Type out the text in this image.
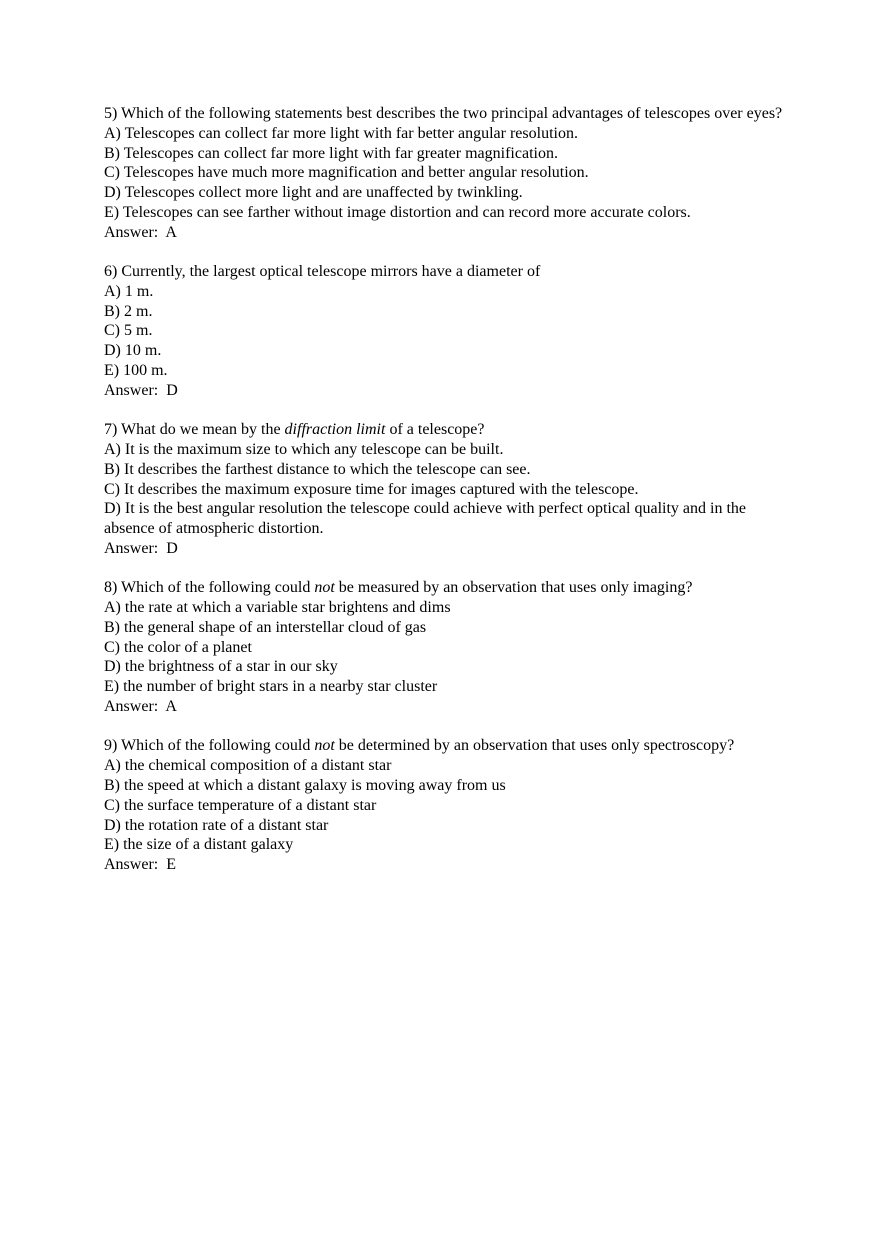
5) Which of the following statements best describes the two principal advantages of telescopes over eyes?
A) Telescopes can collect far more light with far better angular resolution.
B) Telescopes can collect far more light with far greater magnification.
C) Telescopes have much more magnification and better angular resolution.
D) Telescopes collect more light and are unaffected by twinkling.
E) Telescopes can see farther without image distortion and can record more accurate colors.
Answer:  A
6) Currently, the largest optical telescope mirrors have a diameter of
A) 1 m.
B) 2 m.
C) 5 m.
D) 10 m.
E) 100 m.
Answer:  D
7) What do we mean by the diffraction limit of a telescope?
A) It is the maximum size to which any telescope can be built.
B) It describes the farthest distance to which the telescope can see.
C) It describes the maximum exposure time for images captured with the telescope.
D) It is the best angular resolution the telescope could achieve with perfect optical quality and in the absence of atmospheric distortion.
Answer:  D
8) Which of the following could not be measured by an observation that uses only imaging?
A) the rate at which a variable star brightens and dims
B) the general shape of an interstellar cloud of gas
C) the color of a planet
D) the brightness of a star in our sky
E) the number of bright stars in a nearby star cluster
Answer:  A
9) Which of the following could not be determined by an observation that uses only spectroscopy?
A) the chemical composition of a distant star
B) the speed at which a distant galaxy is moving away from us
C) the surface temperature of a distant star
D) the rotation rate of a distant star
E) the size of a distant galaxy
Answer:  E
